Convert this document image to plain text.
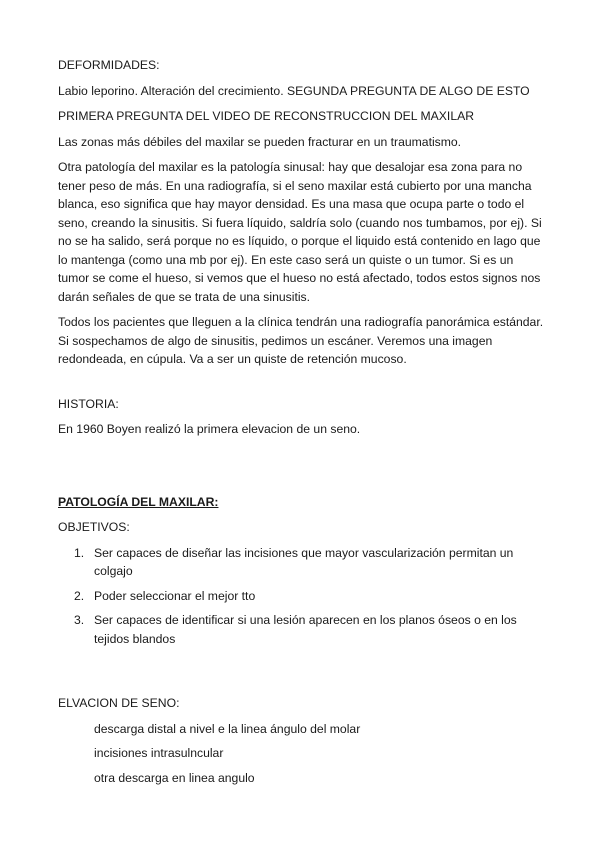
DEFORMIDADES:

Labio leporino. Alteración del crecimiento. SEGUNDA PREGUNTA DE ALGO DE ESTO

PRIMERA PREGUNTA DEL VIDEO DE RECONSTRUCCION DEL MAXILAR

Las zonas más débiles del maxilar se pueden fracturar en un traumatismo.

Otra patología del maxilar es la patología sinusal: hay que desalojar esa zona para no tener peso de más. En una radiografía, si el seno maxilar está cubierto por una mancha blanca, eso significa que hay mayor densidad. Es una masa que ocupa parte o todo el seno, creando la sinusitis. Si fuera líquido, saldría solo (cuando nos tumbamos, por ej). Si no se ha salido, será porque no es líquido, o porque el liquido está contenido en lago que lo mantenga (como una mb por ej). En este caso será un quiste o un tumor. Si es un tumor se come el hueso, si vemos que el hueso no está afectado, todos estos signos nos darán señales de que se trata de una sinusitis.

Todos los pacientes que lleguen a la clínica tendrán una radiografía panorámica estándar. Si sospechamos de algo de sinusitis, pedimos un escáner. Veremos una imagen redondeada, en cúpula. Va a ser un quiste de retención mucoso.

HISTORIA:

En 1960 Boyen realizó la primera elevacion de un seno.

PATOLOGÍA DEL MAXILAR:

OBJETIVOS:

1. Ser capaces de diseñar las incisiones que mayor vascularización permitan un colgajo
2. Poder seleccionar el mejor tto
3. Ser capaces de identificar si una lesión aparecen en los planos óseos o en los tejidos blandos

ELVACION DE SENO:

descarga distal a nivel e la linea ángulo del molar
incisiones intrasulncular
otra descarga en linea angulo
